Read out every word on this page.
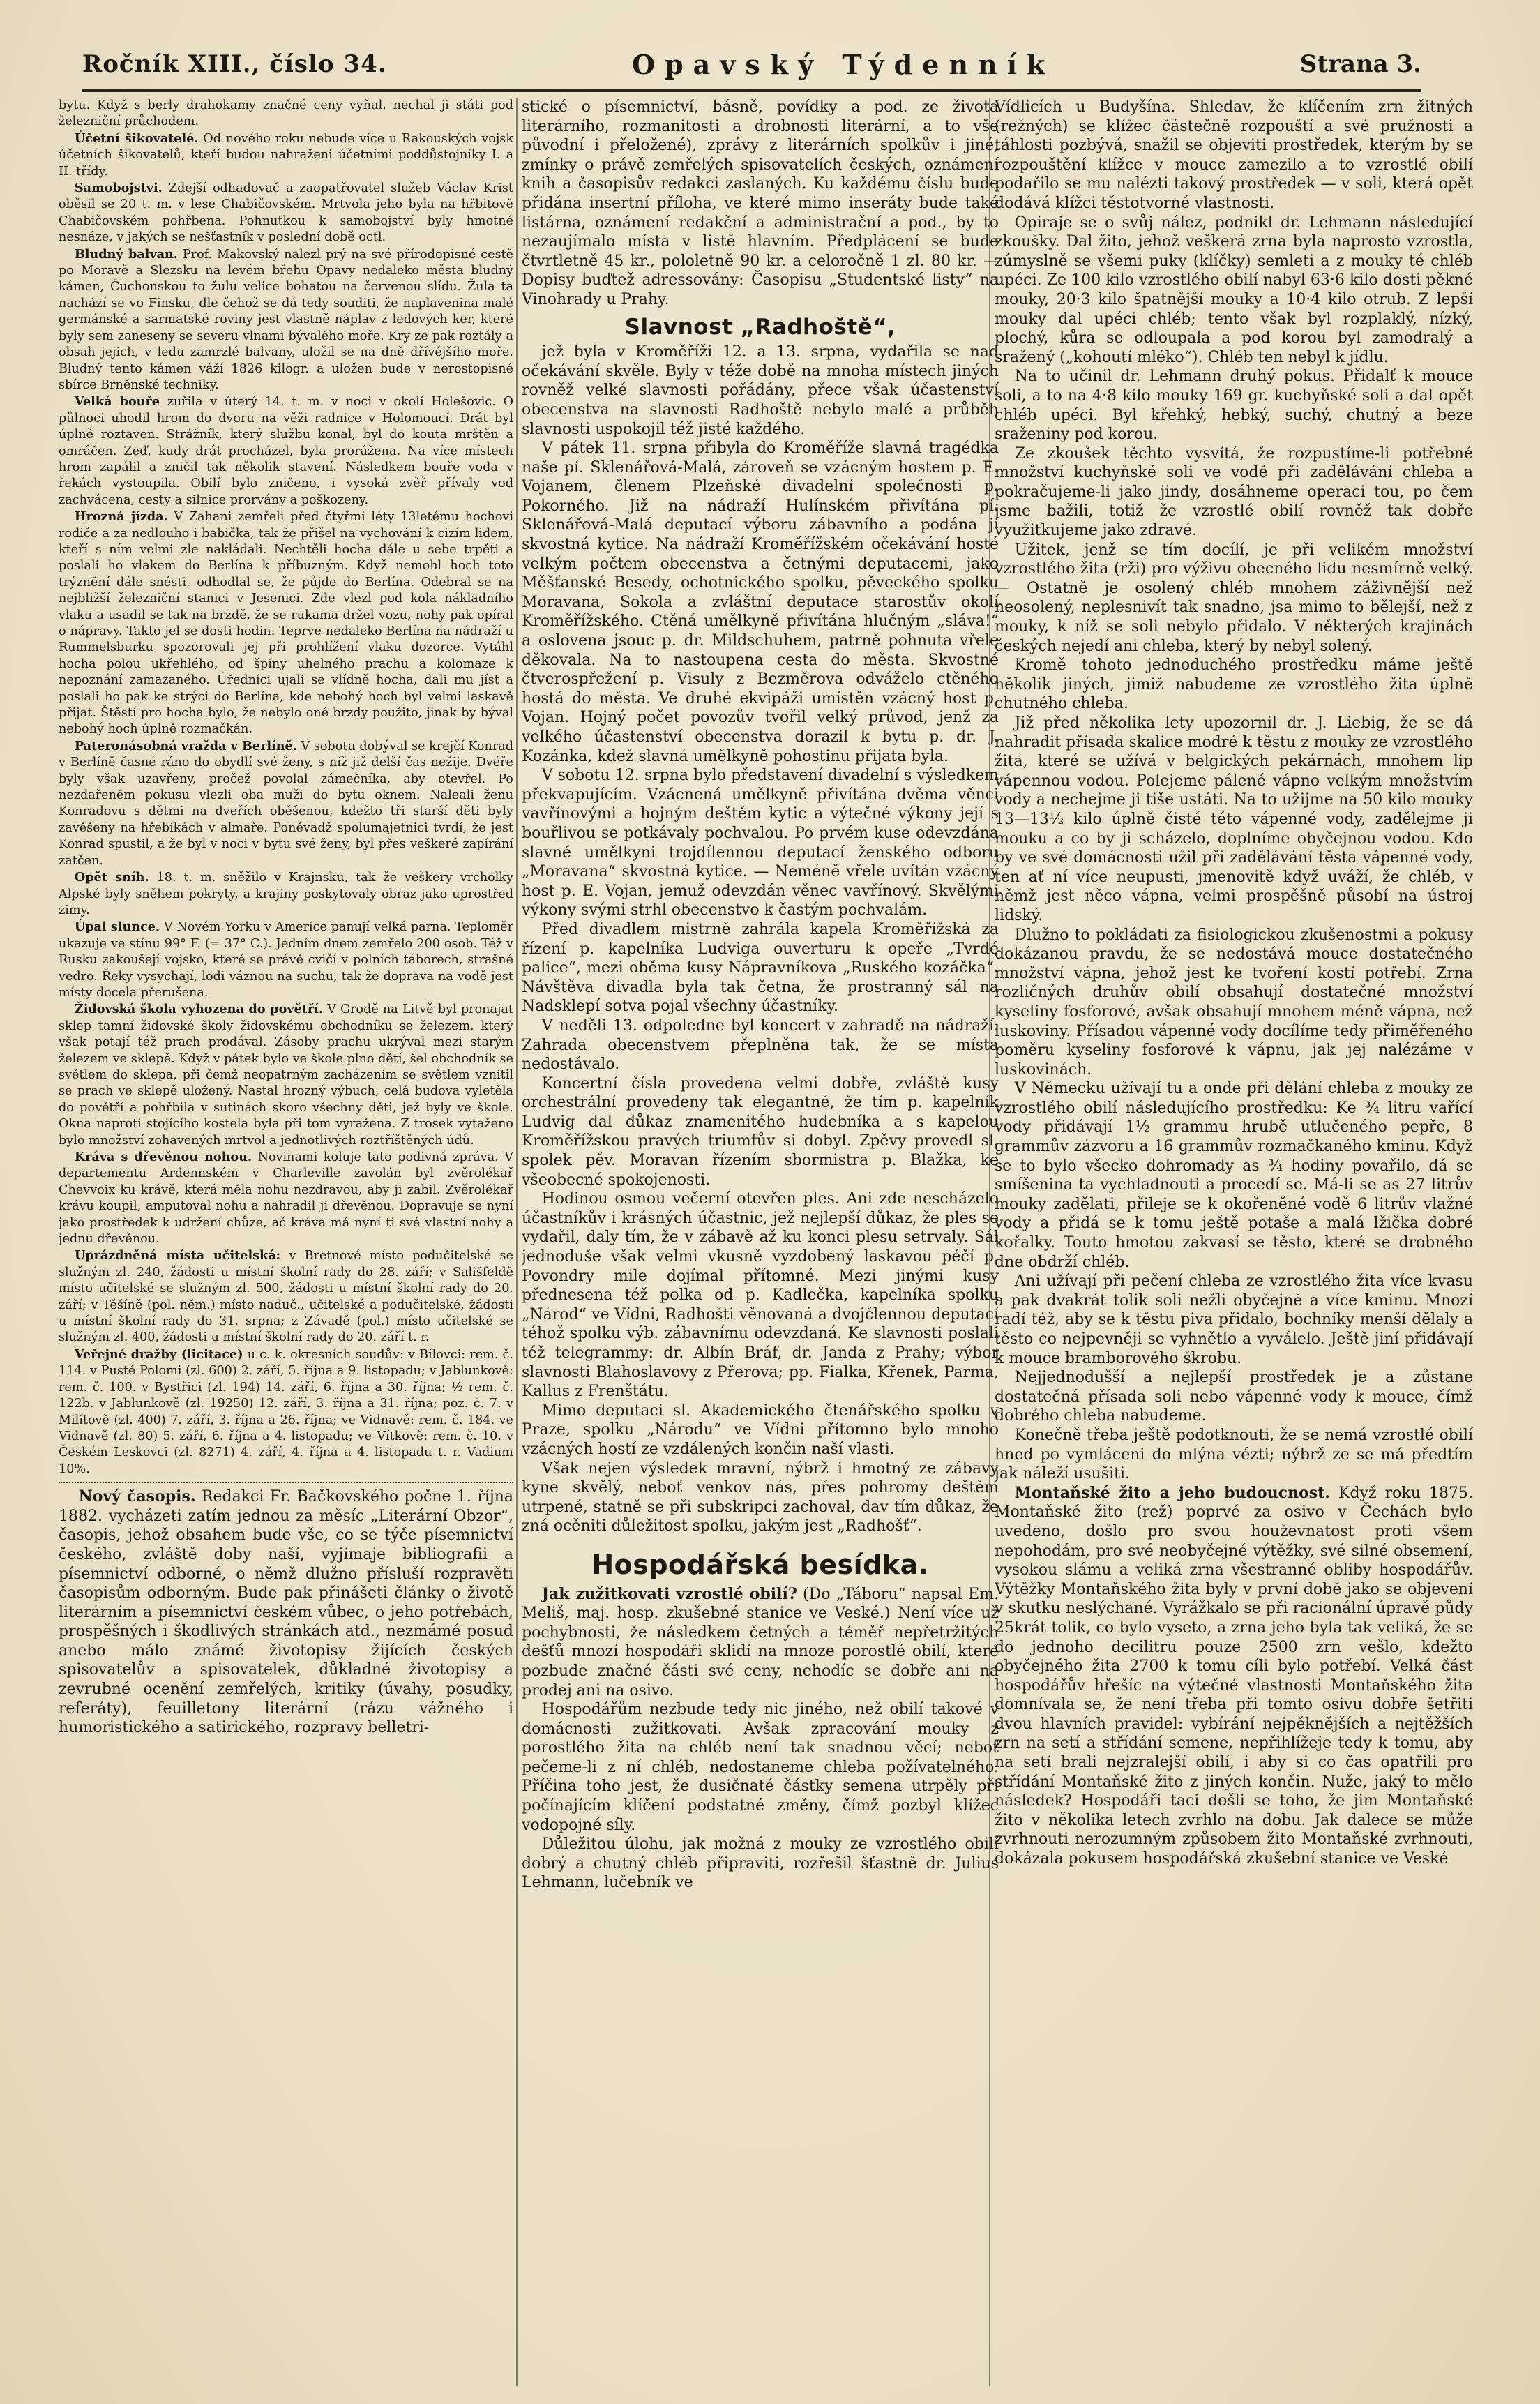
Ročník XIII., číslo 34.	Opavský Týdenník	Strana 3.

bytu. Když s berly drahokamy značné ceny vyňal, nechal ji státi pod železniční průchodem.

Účetní šikovatelé. Od nového roku nebude více u Rakouských vojsk účetních šikovatelů, kteří budou nahraženi účetními poddůstojníky I. a II. třídy.

Samobojstvi. Zdejší odhadovač a zaopatřovatel služeb Václav Krist oběsil se 20 t. m. v lese Chabičovském. Mrtvola jeho byla na hřbitově Chabičovském pohřbena. Pohnutkou k samobojství byly hmotné nesnáze, v jakých se nešťastník v poslední době octl.

Bludný balvan. Prof. Makovský nalezl prý na své přírodopisné cestě po Moravě a Slezsku na levém břehu Opavy nedaleko města bludný kámen, Čuchonskou to žulu velice bohatou na červenou slídu. Žula ta nachází se vo Finsku, dle čehož se dá tedy souditi, že naplavenina malé germánské a sarmatské roviny jest vlastně náplav z ledových ker, které byly sem zaneseny se severu vlnami bývalého moře. Kry ze pak roztály a obsah jejich, v ledu zamrzlé balvany, uložil se na dně dřívějšího moře. Bludný tento kámen váží 1826 kilogr. a uložen bude v nerostopisné sbírce Brněnské techniky.

Velká bouře zuřila v úterý 14. t. m. v noci v okolí Holešovic. O půlnoci uhodil hrom do dvoru na věži radnice v Holomoucí. Drát byl úplně roztaven. Strážník, který službu konal, byl do kouta mrštěn a omráčen. Zeď, kudy drát procházel, byla prorážena. Na více místech hrom zapálil a zničil tak několik stavení. Následkem bouře voda v řekách vystoupila. Obilí bylo zničeno, i vysoká zvěř přívaly vod zachvácena, cesty a silnice prorvány a poškozeny.

Hrozná jízda. V Zahani zemřeli před čtyřmi léty 13letému hochovi rodiče a za nedlouho i babička, tak že přišel na vychování k cizím lidem, kteří s ním velmi zle nakládali. Nechtěli hocha dále u sebe trpěti a poslali ho vlakem do Berlína k příbuzným. Když nemohl hoch toto trýznění dále snésti, odhodlal se, že půjde do Berlína. Odebral se na nejbližší železniční stanici v Jesenici. Zde vlezl pod kola nákladního vlaku a usadil se tak na brzdě, že se rukama držel vozu, nohy pak opíral o nápravy. Takto jel se dosti hodin. Teprve nedaleko Berlína na nádraží u Rummelsburku spozorovali jej při prohlížení vlaku dozorce. Vytáhl hocha polou ukřehlého, od špíny uhelného prachu a kolomaze k nepoznání zamazaného. Úředníci ujali se vlídně hocha, dali mu jíst a poslali ho pak ke strýci do Berlína, kde nebohý hoch byl velmi laskavě přijat. Štěstí pro hocha bylo, že nebylo oné brzdy použito, jinak by býval nebohý hoch úplně rozmačkán.

Pateronásobná vražda v Berlíně. V sobotu dobýval se krejčí Konrad v Berlíně časné ráno do obydlí své ženy, s níž již delší čas nežije. Dvéře byly však uzavřeny, pročež povolal zámečníka, aby otevřel. Po nezdařeném pokusu vlezli oba muži do bytu oknem. Naleali ženu Konradovu s dětmi na dveřích oběšenou, kdežto tři starší děti byly zavěšeny na hřebíkách v almaře. Poněvadž spolumajetnici tvrdí, že jest Konrad spustil, a že byl v noci v bytu své ženy, byl přes veškeré zapírání zatčen.

Opět sníh. 18. t. m. sněžilo v Krajnsku, tak že veškery vrcholky Alpské byly sněhem pokryty, a krajiny poskytovaly obraz jako uprostřed zimy.

Úpal slunce. V Novém Yorku v Americe panují velká parna. Teploměr ukazuje ve stínu 99° F. (= 37° C.). Jedním dnem zemřelo 200 osob. Též v Rusku zakoušejí vojsko, které se právě cvičí v polních táborech, strašné vedro. Řeky vysychají, lodi váznou na suchu, tak že doprava na vodě jest místy docela přerušena.

Židovská škola vyhozena do povětří. V Grodě na Litvě byl pronajat sklep tamní židovské školy židovskému obchodníku se železem, který však potají též prach prodával. Zásoby prachu ukrýval mezi starým železem ve sklepě. Když v pátek bylo ve škole plno dětí, šel obchodník se světlem do sklepa, při čemž neopatrným zacházením se světlem vznítil se prach ve sklepě uložený. Nastal hrozný výbuch, celá budova vyletěla do povětří a pohřbila v sutinách skoro všechny děti, jež byly ve škole. Okna naproti stojícího kostela byla při tom vyražena. Z trosek vytaženo bylo množství zohavených mrtvol a jednotlivých roztříštěných údů.

Kráva s dřevěnou nohou. Novinami koluje tato podivná zpráva. V departementu Ardennském v Charleville zavolán byl zvěrolékař Chevvoix ku krávě, která měla nohu nezdravou, aby ji zabil. Zvěrolékař krávu koupil, amputoval nohu a nahradil ji dřevěnou. Dopravuje se nyní jako prostředek k udržení chůze, ač kráva má nyní ti své vlastní nohy a jednu dřevěnou.

Uprázdněná místa učitelská: v Bretnové místo podučitelské se služným zl. 240, žádosti u místní školní rady do 28. září; v Sališfeldě místo učitelské se služným zl. 500, žádosti u místní školní rady do 20. září; v Těšíně (pol. něm.) místo naduč., učitelské a podučitelské, žádosti u místní školní rady do 31. srpna; z Závadě (pol.) místo učitelské se služným zl. 400, žádosti u místní školní rady do 20. září t. r.

Veřejné dražby (licitace) u c. k. okresních soudův: v Bílovci: rem. č. 114. v Pusté Polomi (zl. 600) 2. září, 5. října a 9. listopadu; v Jablunkově: rem. č. 100. v Bystřici (zl. 194) 14. září, 6. října a 30. října; ¹⁄₂ rem. č. 122b. v Jablunkově (zl. 19250) 12. září, 3. října a 31. října; poz. č. 7. v Milítově (zl. 400) 7. září, 3. října a 26. října; ve Vidnavě: rem. č. 184. ve Vidnavě (zl. 80) 5. září, 6. října a 4. listopadu; ve Vítkově: rem. č. 10. v Českém Leskovci (zl. 8271) 4. září, 4. října a 4. listopadu t. r. Vadium 10%.

Nový časopis. Redakci Fr. Bačkovského počne 1. října 1882. vycházeti zatím jednou za měsíc „Literární Obzor“, časopis, jehož obsahem bude vše, co se týče písemnictví českého, zvláště doby naší, vyjímaje bibliografii a písemnictví odborné, o němž dlužno přísluší rozpravěti časopisům odborným. Bude pak přinášeti články o životě literárním a písemnictví českém vůbec, o jeho potřebách, prospěšných i škodlivých stránkách atd., nezmámé posud anebo málo známé životopisy žijících českých spisovatelův a spisovatelek, důkladné životopisy a zevrubné ocenění zemřelých, kritiky (úvahy, posudky, referáty), feuilletony literární (rázu vážného i humoristického a satirického, rozpravy belletri-

stické o písemnictví, básně, povídky a pod. ze života literárního, rozmanitosti a drobnosti literární, a to vše původní i přeložené), zprávy z literárních spolkův i jiné, zmínky o právě zemřelých spisovatelích českých, oznámení knih a časopisův redakci zaslaných. Ku každému číslu bude přidána insertní příloha, ve které mimo inseráty bude také listárna, oznámení redakční a administrační a pod., by to nezaujímalo místa v listě hlavním. Předplácení se bude čtvrtletně 45 kr., pololetně 90 kr. a celoročně 1 zl. 80 kr. — Dopisy buďtež adressovány: Časopisu „Studentské listy“ na Vinohrady u Prahy.

Slavnost „Radhoště“,

jež byla v Kroměříži 12. a 13. srpna, vydařila se nad očekávání skvěle. Byly v téže době na mnoha místech jiných rovněž velké slavnosti pořádány, přece však účastenství obecenstva na slavnosti Radhoště nebylo malé a průběh slavnosti uspokojil též jisté každého.

V pátek 11. srpna přibyla do Kroměříže slavná tragédka naše pí. Sklenářová-Malá, zároveň se vzácným hostem p. E. Vojanem, členem Plzeňské divadelní společnosti p. Pokorného. Již na nádraží Hulínském přivítána pí. Sklenářová-Malá deputací výboru zábavního a podána jí skvostná kytice. Na nádraží Kroměřížském očekávání hosté velkým počtem obecenstva a četnými deputacemi, jako Měšťanské Besedy, ochotnického spolku, pěveckého spolku Moravana, Sokola a zvláštní deputace starostův okolí Kroměřížského. Ctěná umělkyně přivítána hlučným „sláva!“ a oslovena jsouc p. dr. Mildschuhem, patrně pohnuta vřele děkovala. Na to nastoupena cesta do města. Skvostné čtverospřežení p. Visuly z Bezměrova odváželo ctěného hostá do města. Ve druhé ekvipáži umístěn vzácný host p. Vojan. Hojný počet povozův tvořil velký průvod, jenž za velkého účastenství obecenstva dorazil k bytu p. dr. J. Kozánka, kdež slavná umělkyně pohostinu přijata byla.

V sobotu 12. srpna bylo představení divadelní s výsledkem překvapujícím. Vzácnená umělkyně přivítána dvěma věnci vavřínovými a hojným deštěm kytic a výtečné výkony její s bouřlivou se potkávaly pochvalou. Po prvém kuse odevzdána slavné umělkyni trojdílennou deputací ženského odboru „Moravana“ skvostná kytice. — Neméně vřele uvítán vzácný host p. E. Vojan, jemuž odevzdán věnec vavřínový. Skvělými výkony svými strhl obecenstvo k častým pochvalám.

Před divadlem mistrně zahrála kapela Kroměřížská za řízení p. kapelníka Ludviga ouverturu k opeře „Tvrdé palice“, mezi oběma kusy Nápravníkova „Ruského kozáčka“. Návštěva divadla byla tak četna, že prostranný sál na Nadsklepí sotva pojal všechny účastníky.

V neděli 13. odpoledne byl koncert v zahradě na nádraží. Zahrada obecenstvem přeplněna tak, že se místa nedostávalo.

Koncertní čísla provedena velmi dobře, zvláště kusy orchestrální provedeny tak elegantně, že tím p. kapelník Ludvig dal důkaz znamenitého hudebníka a s kapelou Kroměřížskou pravých triumfův si dobyl. Zpěvy provedl sl. spolek pěv. Moravan řízením sbormistra p. Blažka, ke všeobecné spokojenosti.

Hodinou osmou večerní otevřen ples. Ani zde nescházelo účastníkův i krásných účastnic, jež nejlepší důkaz, že ples se vydařil, daly tím, že v zábavě až ku konci plesu setrvaly. Sál jednoduše však velmi vkusně vyzdobený laskavou péčí p. Povondry mile dojímal přítomné. Mezi jinými kusy přednesena též polka od p. Kadlečka, kapelníka spolku „Národ“ ve Vídni, Radhošti věnovaná a dvojčlennou deputací téhož spolku výb. zábavnímu odevzdaná. Ke slavnosti poslali též telegrammy: dr. Albín Bráf, dr. Janda z Prahy; výbor slavnosti Blahoslavovy z Přerova; pp. Fialka, Křenek, Parma, Kallus z Frenštátu.

Mimo deputaci sl. Akademického čtenářského spolku v Praze, spolku „Národu“ ve Vídni přítomno bylo mnoho vzácných hostí ze vzdálených končin naší vlasti.

Však nejen výsledek mravní, nýbrž i hmotný ze zábavy kyne skvělý, neboť venkov nás, přes pohromy deštěm utrpené, statně se při subskripci zachoval, dav tím důkaz, že zná ocěniti důležitost spolku, jakým jest „Radhošť“.

Hospodářská besídka.

Jak zužitkovati vzrostlé obilí? (Do „Táboru“ napsal Em. Meliš, maj. hosp. zkušebné stanice ve Veské.) Není více už pochybnosti, že následkem četných a téměř nepřetržitých dešťů mnozí hospodáři sklidí na mnoze porostlé obilí, které pozbude značné části své ceny, nehodíc se dobře ani na prodej ani na osivo.

Hospodářům nezbude tedy nic jiného, než obilí takové v domácnosti zužitkovati. Avšak zpracování mouky z porostlého žita na chléb není tak snadnou věcí; neboť pečeme-li z ní chléb, nedostaneme chleba požívatelného. Příčina toho jest, že dusičnaté částky semena utrpěly při počínajícím klíčení podstatné změny, čímž pozbyl klížec vodopojné síly.

Důležitou úlohu, jak možná z mouky ze vzrostlého obilí dobrý a chutný chléb připraviti, rozřešil šťastně dr. Julius Lehmann, lučebník ve

Vídlicích u Budyšína. Shledav, že klíčením zrn žitných (režných) se klížec částečně rozpouští a své pružnosti a táhlosti pozbývá, snažil se objeviti prostředek, kterým by se rozpouštění klížce v mouce zamezilo a to vzrostlé obilí podařilo se mu nalézti takový prostředek — v soli, která opět dodává klížci těstotvorné vlastnosti.

Opiraje se o svůj nález, podnikl dr. Lehmann následující zkoušky. Dal žito, jehož veškerá zrna byla naprosto vzrostla, zúmyslně se všemi puky (klíčky) semleti a z mouky té chléb upéci. Ze 100 kilo vzrostlého obilí nabyl 63·6 kilo dosti pěkné mouky, 20·3 kilo špatnější mouky a 10·4 kilo otrub. Z lepší mouky dal upéci chléb; tento však byl rozplaklý, nízký, plochý, kůra se odloupala a pod korou byl zamodralý a sražený („kohoutí mléko“). Chléb ten nebyl k jídlu.

Na to učinil dr. Lehmann druhý pokus. Přidalť k mouce soli, a to na 4·8 kilo mouky 169 gr. kuchyňské soli a dal opět chléb upéci. Byl křehký, hebký, suchý, chutný a beze sraženiny pod korou.

Ze zkoušek těchto vysvítá, že rozpustíme-li potřebné množství kuchyňské soli ve vodě při zadělávání chleba a pokračujeme-li jako jindy, dosáhneme operaci tou, po čem jsme bažili, totiž že vzrostlé obilí rovněž tak dobře využitkujeme jako zdravé.

Užitek, jenž se tím docílí, je při velikém množství vzrostlého žita (rži) pro výživu obecného lidu nesmírně velký. — Ostatně je osolený chléb mnohem záživnější než neosolený, neplesnivít tak snadno, jsa mimo to bělejší, než z mouky, k níž se soli nebylo přidalo. V některých krajinách českých nejedí ani chleba, který by nebyl solený.

Kromě tohoto jednoduchého prostředku máme ještě několik jiných, jimiž nabudeme ze vzrostlého žita úplně chutného chleba.

Již před několika lety upozornil dr. J. Liebig, že se dá nahradit přísada skalice modré k těstu z mouky ze vzrostlého žita, které se užívá v belgických pekárnách, mnohem lip vápennou vodou. Polejeme pálené vápno velkým množstvím vody a nechejme ji tiše ustáti. Na to užijme na 50 kilo mouky 13—13¹⁄₂ kilo úplně čisté této vápenné vody, zadělejme ji mouku a co by ji scházelo, doplníme obyčejnou vodou. Kdo by ve své domácnosti užil při zadělávání těsta vápenné vody, ten ať ní více neupusti, jmenovitě když uváží, že chléb, v němž jest něco vápna, velmi prospěšně působí na ústroj lidský.

Dlužno to pokládati za fisiologickou zkušenostmi a pokusy dokázanou pravdu, že se nedostává mouce dostatečného množství vápna, jehož jest ke tvoření kostí potřebí. Zrna rozličných druhův obilí obsahují dostatečné množství kyseliny fosforové, avšak obsahují mnohem méně vápna, než luskoviny. Přísadou vápenné vody docílíme tedy přiměřeného poměru kyseliny fosforové k vápnu, jak jej nalézáme v luskovinách.

V Německu užívají tu a onde při dělání chleba z mouky ze vzrostlého obilí následujícího prostředku: Ke ³⁄₄ litru vařící vody přidávají 1¹⁄₂ grammu hrubě utlučeného pepře, 8 grammův zázvoru a 16 grammův rozmačkaného kminu. Když se to bylo všecko dohromady as ³⁄₄ hodiny povařilo, dá se smíšenina ta vychladnouti a procedí se. Má-li se as 27 litrův mouky zadělati, přileje se k okořeněné vodě 6 litrův vlažné vody a přidá se k tomu ještě potaše a malá lžička dobré kořalky. Touto hmotou zakvasí se těsto, které se drobného dne obdrží chléb.

Ani užívají při pečení chleba ze vzrostlého žita více kvasu a pak dvakrát tolik soli nežli obyčejně a více kminu. Mnozí radí též, aby se k těstu piva přidalo, bochníky menší dělaly a těsto co nejpevněji se vyhnětlo a vyválelo. Ještě jiní přidávají k mouce bramborového škrobu.

Nejjednodušší a nejlepší prostředek je a zůstane dostatečná přísada soli nebo vápenné vody k mouce, čímž dobrého chleba nabudeme.

Konečně třeba ještě podotknouti, že se nemá vzrostlé obilí hned po vymláceni do mlýna vézti; nýbrž ze se má předtím jak náleží usušiti.

Montaňské žito a jeho budoucnost. Když roku 1875. Montaňské žito (rež) poprvé za osivo v Čechách bylo uvedeno, došlo pro svou houževnatost proti všem nepohodám, pro své neobyčejné výtěžky, své silné obsemení, vysokou slámu a veliká zrna všestranné obliby hospodářův. Výtěžky Montaňského žita byly v první době jako se objevení v skutku neslýchané. Vyrážkalo se při racionální úpravě půdy 25krát tolik, co bylo vyseto, a zrna jeho byla tak veliká, že se do jednoho decilitru pouze 2500 zrn vešlo, kdežto obyčejného žita 2700 k tomu cíli bylo potřebí. Velká část hospodářův hřešíc na výtečné vlastnosti Montaňského žita domnívala se, že není třeba při tomto osivu dobře šetřiti dvou hlavních pravidel: vybírání nejpěknějších a nejtěžších zrn na setí a střídání semene, nepřihlížeje tedy k tomu, aby na setí brali nejzralejší obilí, i aby si co čas opatřili pro střídání Montaňské žito z jiných končin. Nuže, jaký to mělo následek? Hospodáři taci došli se toho, že jim Montaňské žito v několika letech zvrhlo na dobu. Jak dalece se může zvrhnouti nerozumným způsobem žito Montaňské zvrhnouti, dokázala pokusem hospodářská zkušební stanice ve Veské
